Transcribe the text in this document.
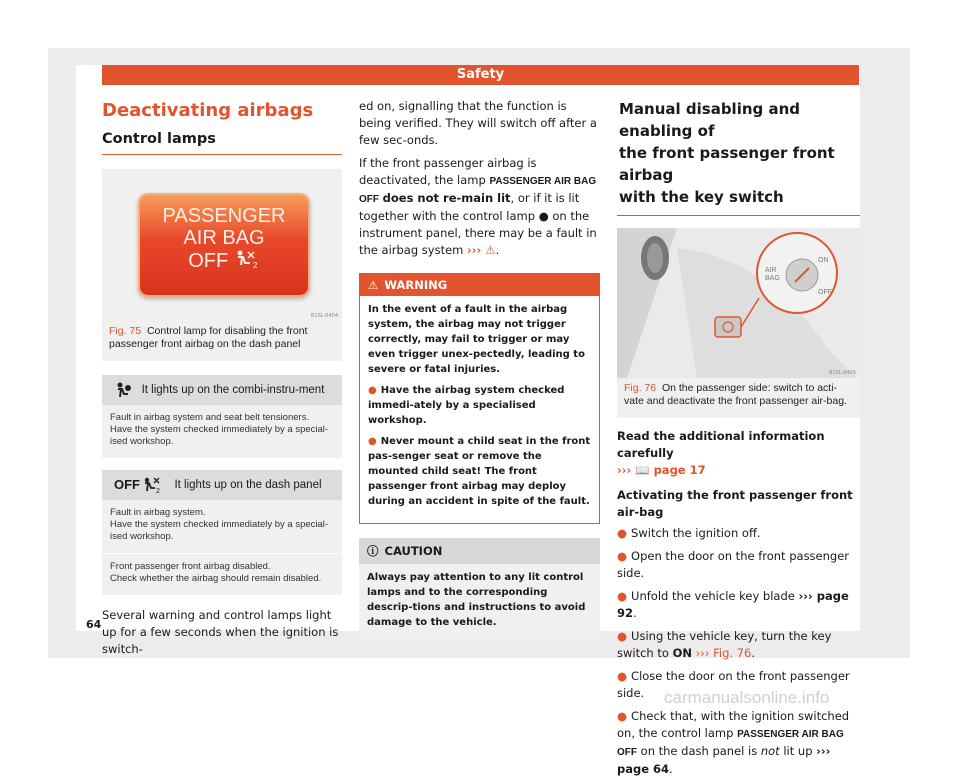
Safety
Deactivating airbags
Control lamps
PASSENGER
AIR BAG
OFF	2
B1SL-0404
Fig. 75 Control lamp for disabling the front passenger front airbag on the dash panel
It lights up on the combi-instru-ment
Fault in airbag system and seat belt tensioners.
Have the system checked immediately by a special-ised workshop.
OFF 2
It lights up on the dash panel
Fault in airbag system.
Have the system checked immediately by a special-ised workshop.
Front passenger front airbag disabled.
Check whether the airbag should remain disabled.
Several warning and control lamps light up for a few seconds when the ignition is switch-

ed on, signalling that the function is being verified. They will switch off after a few sec-onds.

If the front passenger airbag is deactivated, the lamp PASSENGER AIR BAG OFF does not re-main lit, or if it is lit together with the control lamp ● on the instrument panel, there may be a fault in the airbag system ››› ⚠.

⚠ WARNING
In the event of a fault in the airbag system, the airbag may not trigger correctly, may fail to trigger or may even trigger unex-pectedly, leading to severe or fatal injuries.
● Have the airbag system checked immedi-ately by a specialised workshop.
● Never mount a child seat in the front pas-senger seat or remove the mounted child seat! The front passenger front airbag may deploy during an accident in spite of the fault.
ⓘ CAUTION
Always pay attention to any lit control lamps and to the corresponding descrip-tions and instructions to avoid damage to the vehicle.
Manual disabling and enabling of
the front passenger front airbag
with the key switch
AIR
BAG
ON
OFF
B1SL-0405
Fig. 76 On the passenger side: switch to acti-vate and deactivate the front passenger air-bag.
Read the additional information carefully
››› 📖 page 17
Activating the front passenger front air-bag
● Switch the ignition off.
● Open the door on the front passenger side.
● Unfold the vehicle key blade ››› page 92.
● Using the vehicle key, turn the key switch to ON ››› Fig. 76.
● Close the door on the front passenger side.
● Check that, with the ignition switched on, the control lamp PASSENGER AIR BAG OFF on the dash panel is not lit up ››› page 64.
64
carmanualsonline.info
